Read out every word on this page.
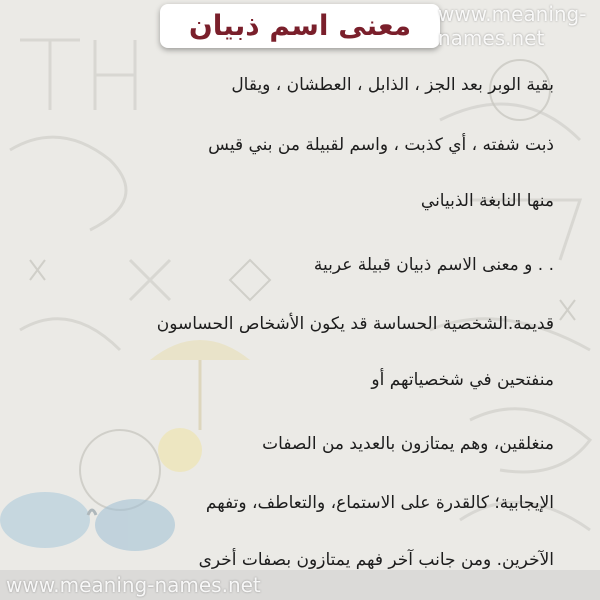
معنى اسم ذبيان	www.meaning-names.net
www.meaning-names.net
بقية الوبر بعد الجز ، الذابل ، العطشان ، ويقال
ذبت شفته ، أي كذبت ، واسم لقبيلة من بني قيس
منها النابغة الذبياني
. . و معنى الاسم ذبيان قبيلة عربية
قديمة.الشخصية الحساسة قد يكون الأشخاص الحساسون
منفتحين في شخصياتهم أو
منغلقين، وهم يمتازون بالعديد من الصفات
الإيجابية؛ كالقدرة على الاستماع، والتعاطف، وتفهم
الآخرين. ومن جانب آخر فهم يمتازون بصفات أخرى
